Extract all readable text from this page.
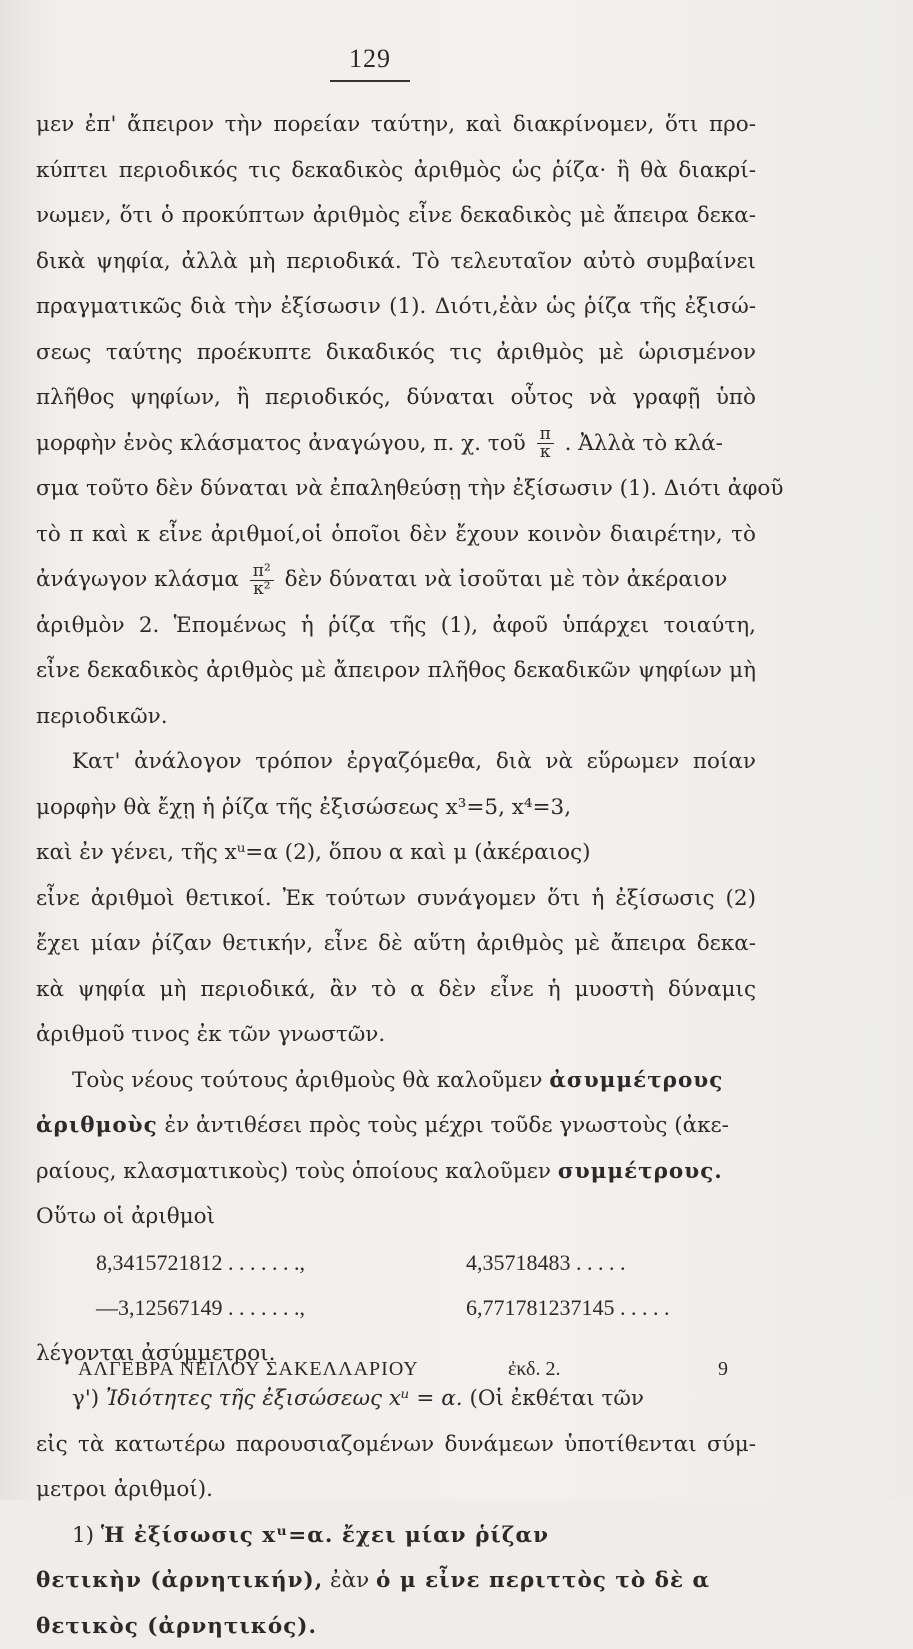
129
μεν ἐπ' ἄπειρον τὴν πορείαν ταύτην, καὶ διακρίνομεν, ὅτι προ-
κύπτει περιοδικός τις δεκαδικὸς ἀριθμὸς ὡς ῥίζα· ἢ θὰ διακρί-
νωμεν, ὅτι ὁ προκύπτων ἀριθμὸς εἶνε δεκαδικὸς μὲ ἄπειρα δεκα-
δικὰ ψηφία, ἀλλὰ μὴ περιοδικά. Τὸ τελευταῖον αὐτὸ συμβαίνει
πραγματικῶς διὰ τὴν ἐξίσωσιν (1). Διότι,ἐὰν ὡς ῥίζα τῆς ἐξισώ-
σεως ταύτης προέκυπτε δικαδικός τις ἀριθμὸς μὲ ὡρισμένον
πλῆθος ψηφίων, ἢ περιοδικός, δύναται οὗτος νὰ γραφῇ ὑπὸ
μορφὴν ἑνὸς κλάσματος ἀναγώγου, π. χ. τοῦ $\frac{\pi}{\kappa}$ . Ἀλλὰ τὸ κλά-
σμα τοῦτο δὲν δύναται νὰ ἐπαληθεύσῃ τὴν ἐξίσωσιν (1). Διότι ἀφοῦ
τὸ π καὶ κ εἶνε ἀριθμοί,οἱ ὁποῖοι δὲν ἔχουν κοινὸν διαιρέτην, τὸ
ἀνάγωγον κλάσμα $\frac{\text{π²}}{\text{κ²}}$ δὲν δύναται νὰ ἰσοῦται μὲ τὸν ἀκέραιον
ἀριθμὸν 2. Ἑπομένως ἡ ῥίζα τῆς (1), ἀφοῦ ὑπάρχει τοιαύτη,
εἶνε δεκαδικὸς ἀριθμὸς μὲ ἄπειρον πλῆθος δεκαδικῶν ψηφίων μὴ
περιοδικῶν.
Κατ' ἀνάλογον τρόπον ἐργαζόμεθα, διὰ νὰ εὕρωμεν ποίαν
μορφὴν θὰ ἔχῃ ἡ ῥίζα τῆς ἐξισώσεως x³=5, x⁴=3,
καὶ ἐν γένει, τῆς xᵘ=α (2), ὅπου α καὶ μ (ἀκέραιος)
εἶνε ἀριθμοὶ θετικοί. Ἐκ τούτων συνάγομεν ὅτι ἡ ἐξίσωσις (2)
ἔχει μίαν ῥίζαν θετικήν, εἶνε δὲ αὕτη ἀριθμὸς μὲ ἄπειρα δεκα-
κὰ ψηφία μὴ περιοδικά, ἂν τὸ α δὲν εἶνε ἡ μυοστὴ δύναμις
ἀριθμοῦ τινος ἐκ τῶν γνωστῶν.
Τοὺς νέους τούτους ἀριθμοὺς θὰ καλοῦμεν ἀσυμμέτρους
ἀριθμοὺς ἐν ἀντιθέσει πρὸς τοὺς μέχρι τοῦδε γνωστοὺς (ἀκε-
ραίους, κλασματικοὺς) τοὺς ὁποίους καλοῦμεν συμμέτρους.
Οὕτω οἱ ἀριθμοὶ
8,3415721812 . . . . . . .,	4,35718483 . . . . .
—3,12567149 . . . . . . .,	6,771781237145 . . . . .
λέγονται ἀσύμμετροι.
γ') Ἰδιότητες τῆς ἐξισώσεως xᵘ = α. (Οἱ ἐκθέται τῶν
εἰς τὰ κατωτέρω παρουσιαζομένων δυνάμεων ὑποτίθενται σύμ-
μετροι ἀριθμοί).
1) Ἡ ἐξίσωσις xᵘ=α. ἔχει μίαν ῥίζαν
θετικὴν (ἀρνητικήν), ἐὰν ὁ μ εἶνε περιττὸς τὸ δὲ α
θετικὸς (ἀρνητικός).
ΑΛΓΕΒΡΑ ΝΕΙΛΟΥ ΣΑΚΕΛΛΑΡΙΟΥ	ἐκδ. 2.	9
